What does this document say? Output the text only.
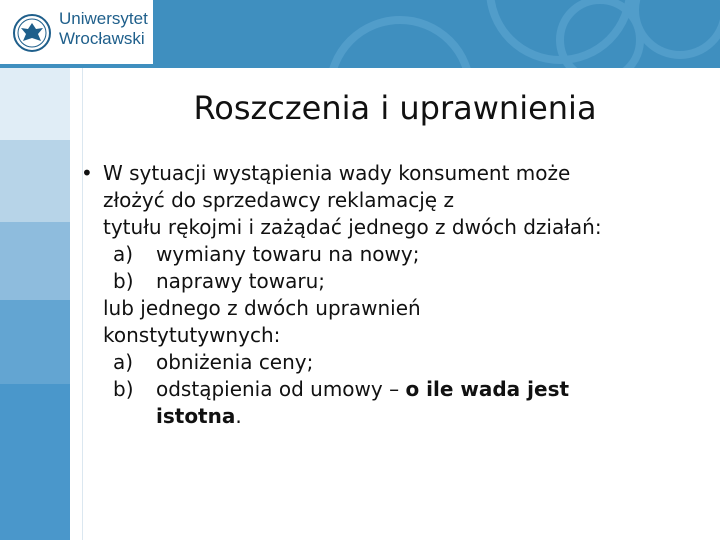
Uniwersytet
Wrocławski
Roszczenia i uprawnienia
• W sytuacji wystąpienia wady konsument może
złożyć do sprzedawcy reklamację z
tytułu rękojmi i zażądać jednego z dwóch działań:
a) wymiany towaru na nowy;
b) naprawy towaru;
lub jednego z dwóch uprawnień
konstytutywnych:
a) obniżenia ceny;
b) odstąpienia od umowy – o ile wada jest
istotna.
